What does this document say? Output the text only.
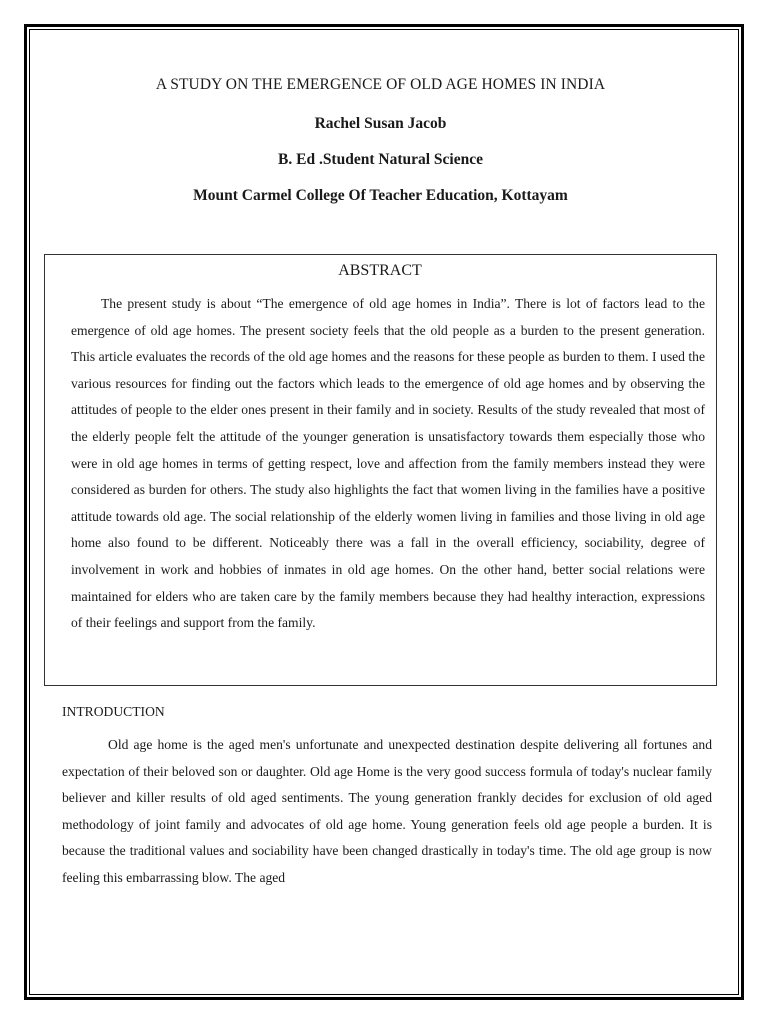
A STUDY ON THE EMERGENCE OF OLD AGE HOMES IN INDIA

Rachel Susan Jacob

B. Ed .Student Natural Science

Mount Carmel College Of Teacher Education, Kottayam

ABSTRACT

The present study is about “The emergence of old age homes in India”. There is lot of factors lead to the emergence of old age homes. The present society feels that the old people as a burden to the present generation. This article evaluates the records of the old age homes and the reasons for these people as burden to them. I used the various resources for finding out the factors which leads to the emergence of old age homes and by observing the attitudes of people to the elder ones present in their family and in society. Results of the study revealed that most of the elderly people felt the attitude of the younger generation is unsatisfactory towards them especially those who were in old age homes in terms of getting respect, love and affection from the family members instead they were considered as burden for others. The study also highlights the fact that women living in the families have a positive attitude towards old age. The social relationship of the elderly women living in families and those living in old age home also found to be different. Noticeably there was a fall in the overall efficiency, sociability, degree of involvement in work and hobbies of inmates in old age homes. On the other hand, better social relations were maintained for elders who are taken care by the family members because they had healthy interaction, expressions of their feelings and support from the family.

INTRODUCTION

Old age home is the aged men's unfortunate and unexpected destination despite delivering all fortunes and expectation of their beloved son or daughter. Old age Home is the very good success formula of today's nuclear family believer and killer results of old aged sentiments. The young generation frankly decides for exclusion of old aged methodology of joint family and advocates of old age home. Young generation feels old age people a burden. It is because the traditional values and sociability have been changed drastically in today's time. The old age group is now feeling this embarrassing blow. The aged
